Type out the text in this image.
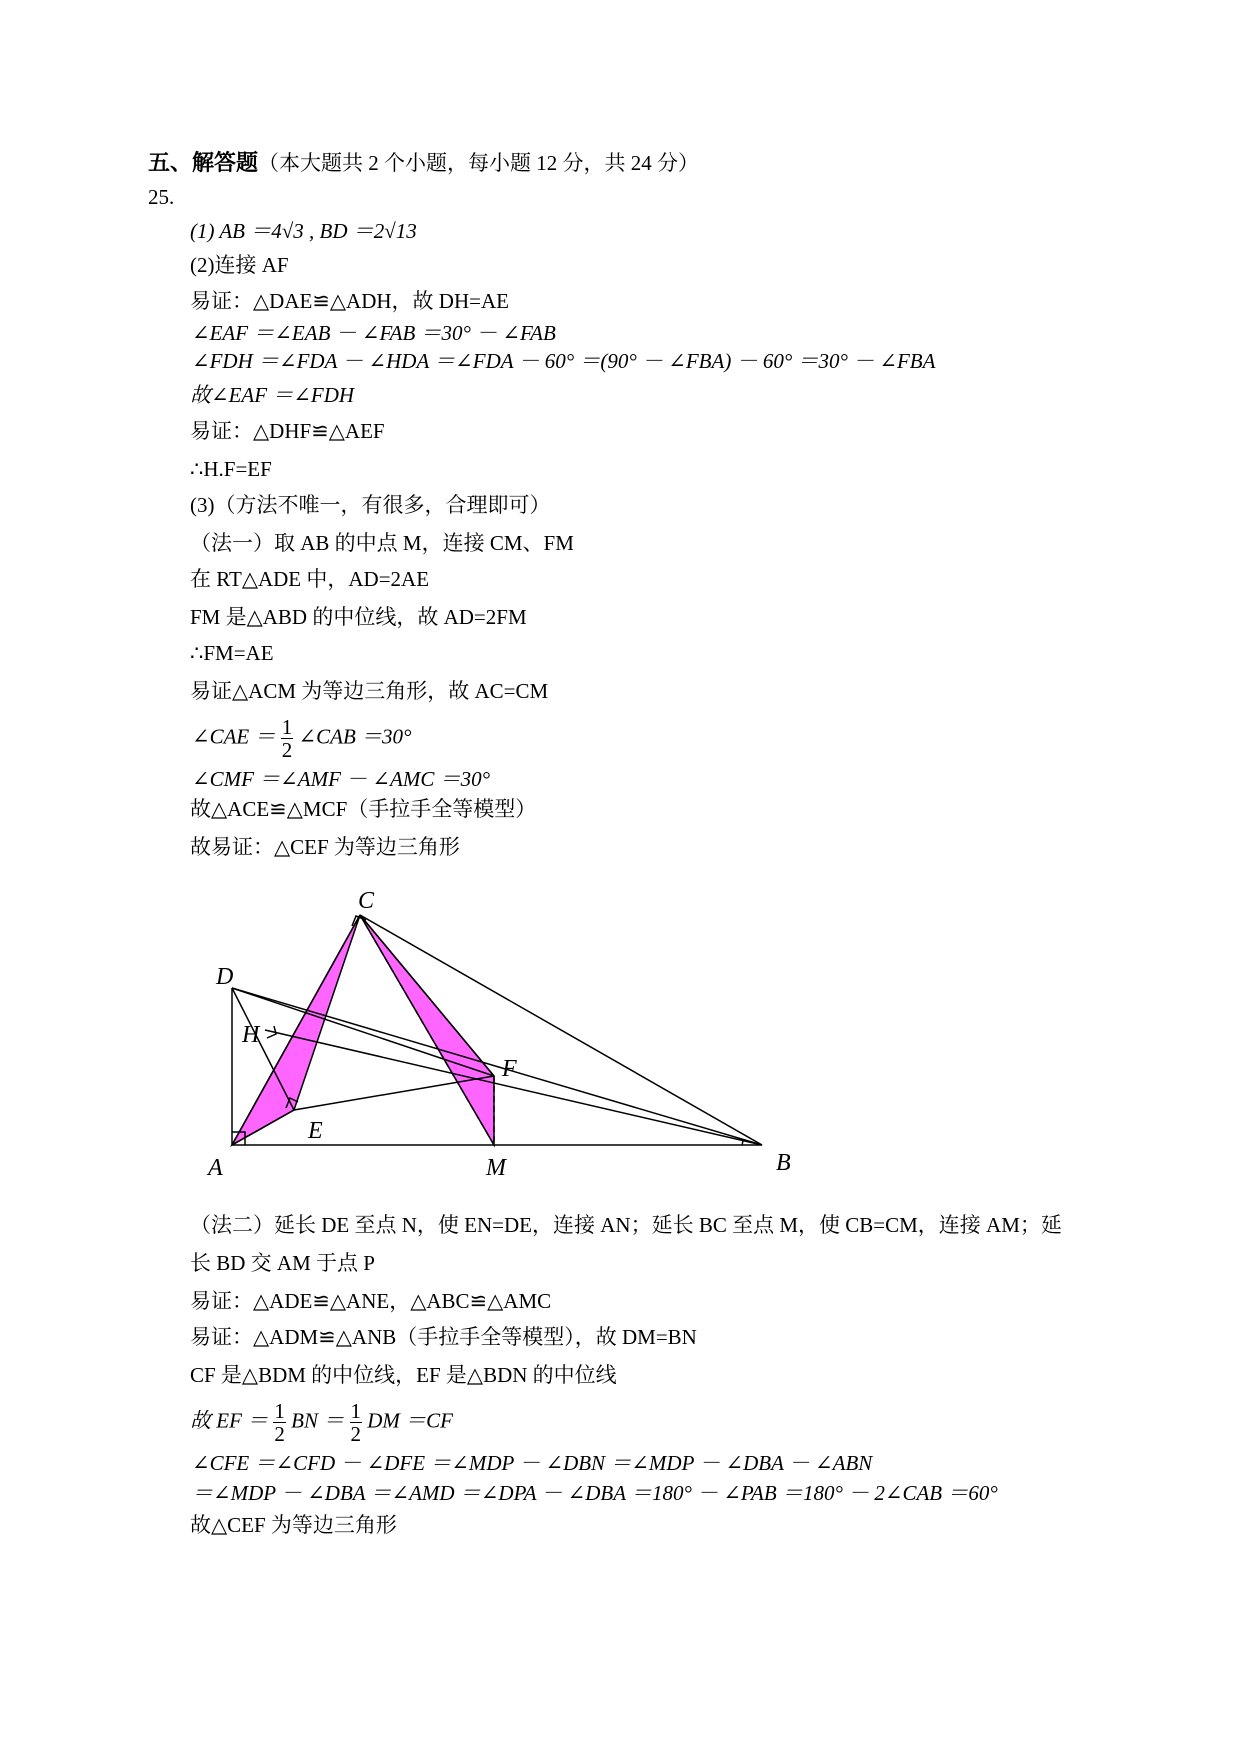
五、解答题（本大题共 2 个小题，每小题 12 分，共 24 分）
25.
(1) AB ＝4√3 , BD ＝2√13
(2)连接 AF
易证：△DAE≌△ADH，故 DH=AE
∠EAF ＝∠EAB － ∠FAB ＝30° － ∠FAB
∠FDH ＝∠FDA － ∠HDA ＝∠FDA － 60° ＝(90° － ∠FBA) － 60° ＝30° － ∠FBA
故∠EAF ＝∠FDH
易证：△DHF≌△AEF
∴H.F=EF
(3)（方法不唯一，有很多，合理即可）
（法一）取 AB 的中点 M，连接 CM、FM
在 RT△ADE 中，AD=2AE
FM 是△ABD 的中位线，故 AD=2FM
∴FM=AE
易证△ACM 为等边三角形，故 AC=CM
∠CAE ＝ $\frac{1}{2}$ ∠CAB ＝30°
∠CMF ＝∠AMF － ∠AMC ＝30°
故△ACE≌△MCF（手拉手全等模型）
故易证：△CEF 为等边三角形
C
D
H
F
E
A	M	B
（法二）延长 DE 至点 N，使 EN=DE，连接 AN；延长 BC 至点 M，使 CB=CM，连接 AM；延
长 BD 交 AM 于点 P
易证：△ADE≌△ANE，△ABC≌△AMC
易证：△ADM≌△ANB（手拉手全等模型），故 DM=BN
CF 是△BDM 的中位线，EF 是△BDN 的中位线
故 EF ＝ $\frac{1}{2}$ BN ＝ $\frac{1}{2}$ DM ＝CF
∠CFE ＝∠CFD － ∠DFE ＝∠MDP － ∠DBN ＝∠MDP － ∠DBA － ∠ABN
＝∠MDP － ∠DBA ＝∠AMD ＝∠DPA － ∠DBA ＝180° － ∠PAB ＝180° － 2∠CAB ＝60°
故△CEF 为等边三角形
